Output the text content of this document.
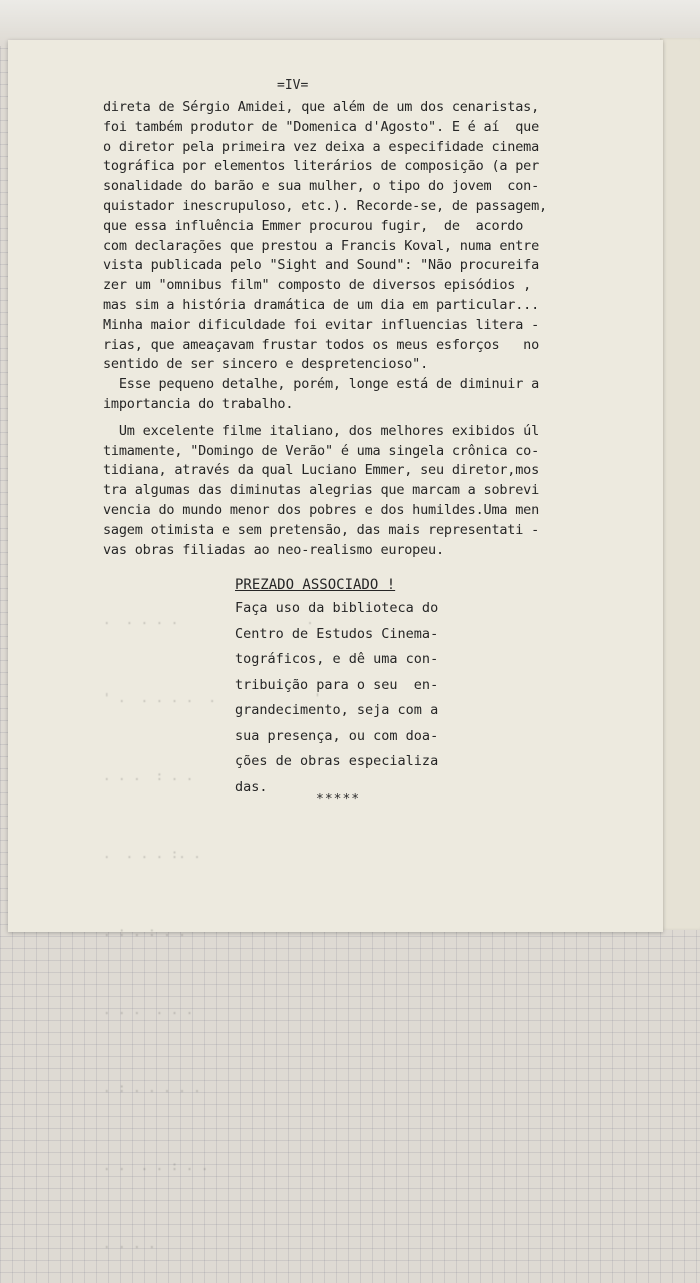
.  . . . .                 .

' .  . . . .  .             '

. . .  : . .

.  . . . :. .

. : . : . .

. . .  . . .

. : . . . . .

. .  . . : . .

. . . .

=IV=
direta de Sérgio Amidei, que além de um dos cenaristas,
foi também produtor de "Domenica d'Agosto". E é aí  que
o diretor pela primeira vez deixa a especifidade cinema
tográfica por elementos literários de composição (a per
sonalidade do barão e sua mulher, o tipo do jovem  con-
quistador inescrupuloso, etc.). Recorde-se, de passagem,
que essa influência Emmer procurou fugir,  de  acordo
com declarações que prestou a Francis Koval, numa entre
vista publicada pelo "Sight and Sound": "Não procureifa
zer um "omnibus film" composto de diversos episódios ,
mas sim a história dramática de um dia em particular...
Minha maior dificuldade foi evitar influencias litera -
rias, que ameaçavam frustar todos os meus esforços   no
sentido de ser sincero e despretencioso".
Esse pequeno detalhe, porém, longe está de diminuir a
importancia do trabalho.
Um excelente filme italiano, dos melhores exibidos úl
timamente, "Domingo de Verão" é uma singela crônica co-
tidiana, através da qual Luciano Emmer, seu diretor,mos
tra algumas das diminutas alegrias que marcam a sobrevi
vencia do mundo menor dos pobres e dos humildes.Uma men
sagem otimista e sem pretensão, das mais representati -
vas obras filiadas ao neo-realismo europeu.
PREZADO ASSOCIADO !
Faça uso da biblioteca do
Centro de Estudos Cinema-
tográficos, e dê uma con-
tribuição para o seu  en-
grandecimento, seja com a
sua presença, ou com doa-
ções de obras especializa
das.
*****
